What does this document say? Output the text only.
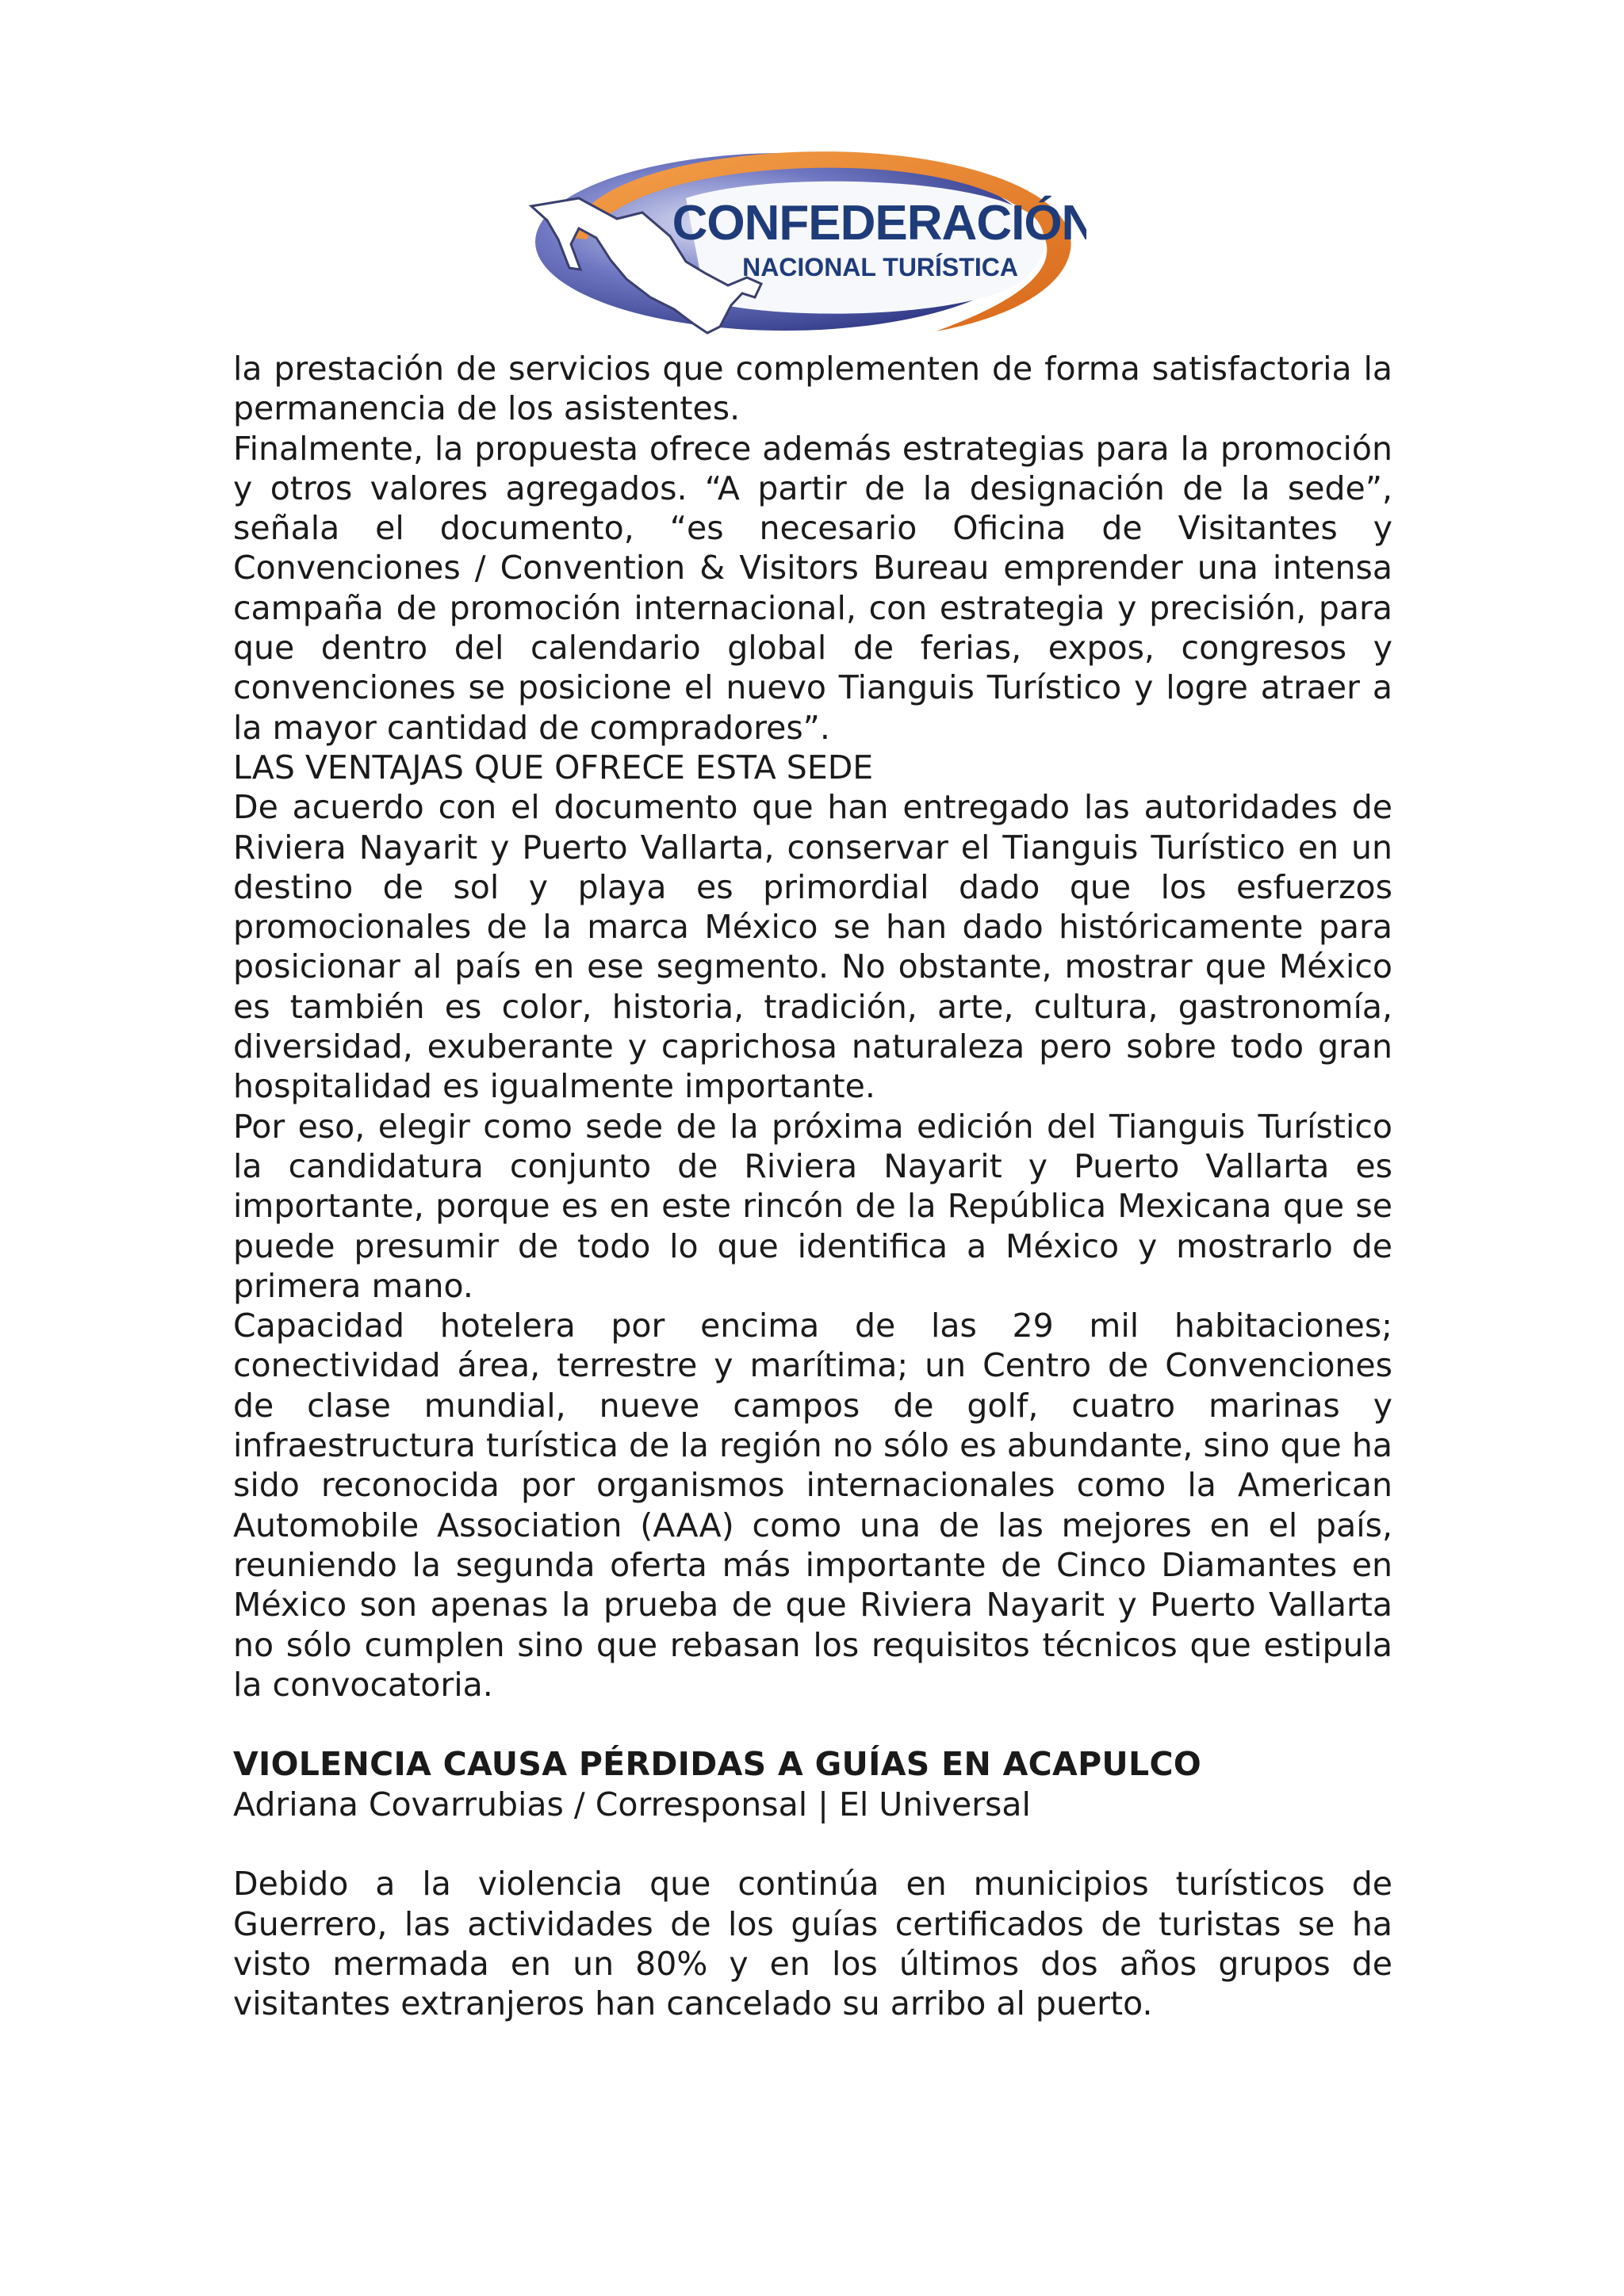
CONFEDERACIÓN
NACIONAL TURÍSTICA

la prestación de servicios que complementen de forma satisfactoria la permanencia de los asistentes.

Finalmente, la propuesta ofrece además estrategias para la promoción y otros valores agregados. “A partir de la designación de la sede”, señala el documento, “es necesario Oficina de Visitantes y Convenciones / Convention & Visitors Bureau emprender una intensa campaña de promoción internacional, con estrategia y precisión, para que dentro del calendario global de ferias, expos, congresos y convenciones se posicione el nuevo Tianguis Turístico y logre atraer a la mayor cantidad de compradores”.

LAS VENTAJAS QUE OFRECE ESTA SEDE

De acuerdo con el documento que han entregado las autoridades de Riviera Nayarit y Puerto Vallarta, conservar el Tianguis Turístico en un destino de sol y playa es primordial dado que los esfuerzos promocionales de la marca México se han dado históricamente para posicionar al país en ese segmento. No obstante, mostrar que México es también es color, historia, tradición, arte, cultura, gastronomía, diversidad, exuberante y caprichosa naturaleza pero sobre todo gran hospitalidad es igualmente importante.

Por eso, elegir como sede de la próxima edición del Tianguis Turístico la candidatura conjunto de Riviera Nayarit y Puerto Vallarta es importante, porque es en este rincón de la República Mexicana que se puede presumir de todo lo que identifica a México y mostrarlo de primera mano.

Capacidad hotelera por encima de las 29 mil habitaciones; conectividad área, terrestre y marítima; un Centro de Convenciones de clase mundial, nueve campos de golf, cuatro marinas y infraestructura turística de la región no sólo es abundante, sino que ha sido reconocida por organismos internacionales como la American Automobile Association (AAA) como una de las mejores en el país, reuniendo la segunda oferta más importante de Cinco Diamantes en México son apenas la prueba de que Riviera Nayarit y Puerto Vallarta no sólo cumplen sino que rebasan los requisitos técnicos que estipula la convocatoria.

VIOLENCIA CAUSA PÉRDIDAS A GUÍAS EN ACAPULCO

Adriana Covarrubias / Corresponsal | El Universal

Debido a la violencia que continúa en municipios turísticos de Guerrero, las actividades de los guías certificados de turistas se ha visto mermada en un 80% y en los últimos dos años grupos de visitantes extranjeros han cancelado su arribo al puerto.
